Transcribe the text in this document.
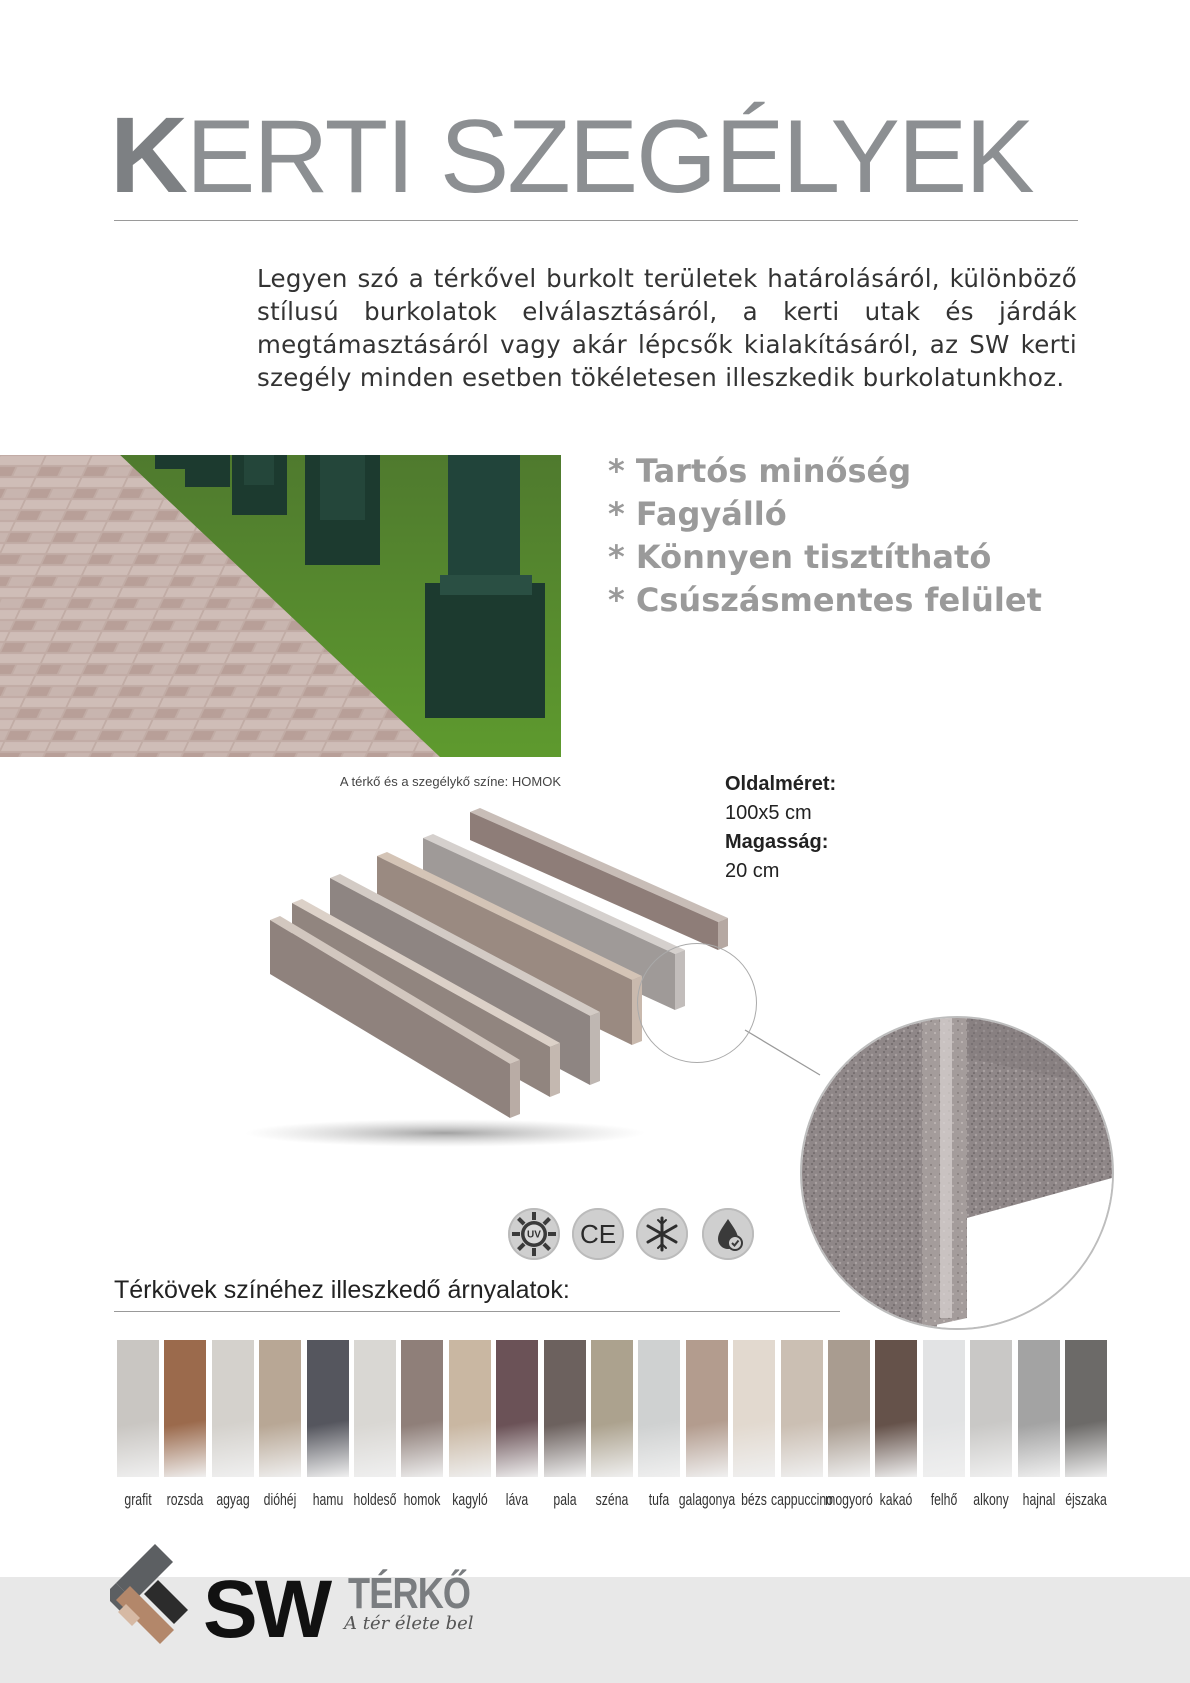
KERTI SZEGÉLYEK
Legyen szó a térkővel burkolt területek határolásáról, különböző stílusú burkolatok elválasztásáról, a kerti utak és járdák megtámasztásáról vagy akár lépcsők kialakításáról, az SW kerti szegély minden esetben tökéletesen illeszkedik burkolatunkhoz.
* Tartós minőség
* Fagyálló
* Könnyen tisztítható
* Csúszásmentes felület
A térkő és a szegélykő színe: HOMOK	Oldalméret:
100x5 cm
Magasság:
20 cm
UV CE
Térkövek színéhez illeszkedő árnyalatok:
grafit rozsda agyag dióhéj hamu holdeső homok kagyló	láva	pala	széna	tufa galagonya bézs cappuccino
mogyoró kakaó	felhő alkony hajnal éjszaka
SW TÉRKŐ
A tér élete bel
